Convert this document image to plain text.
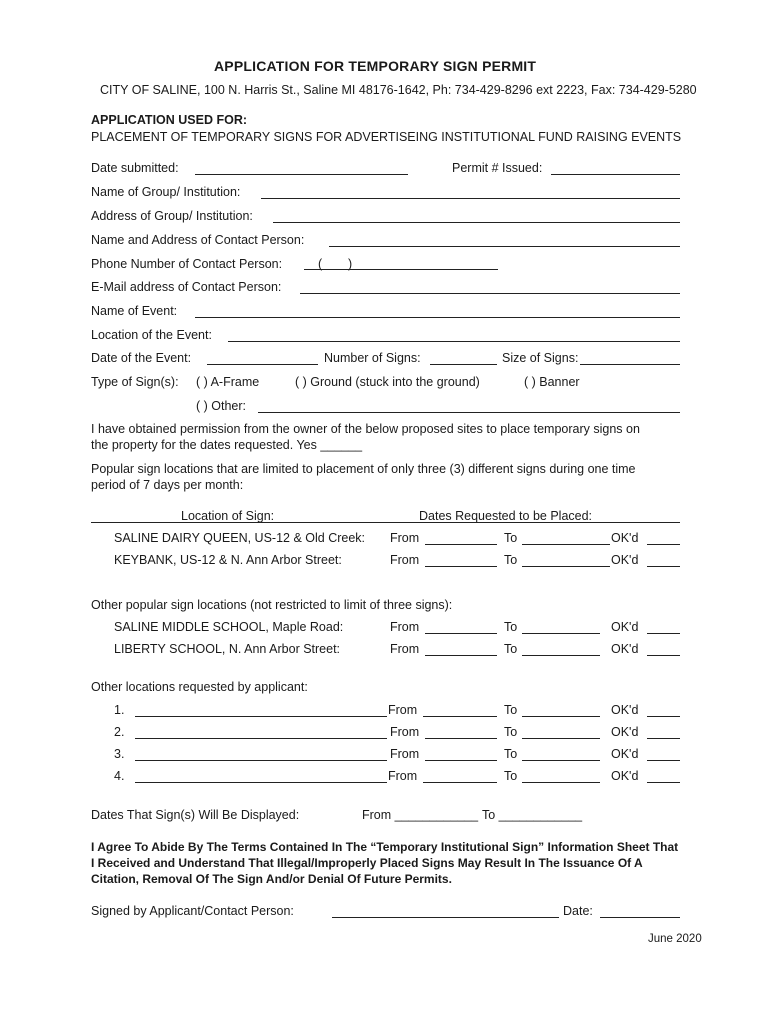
APPLICATION FOR TEMPORARY SIGN PERMIT
CITY OF SALINE, 100 N. Harris St., Saline MI 48176-1642, Ph: 734-429-8296 ext 2223, Fax: 734-429-5280
APPLICATION USED FOR:
PLACEMENT OF TEMPORARY SIGNS FOR ADVERTISEING INSTITUTIONAL FUND RAISING EVENTS
Date submitted:	Permit # Issued:
Name of Group/ Institution:
Address of Group/ Institution:
Name and Address of Contact Person:
Phone Number of Contact Person:	( )
E-Mail address of Contact Person:
Name of Event:
Location of the Event:
Date of the Event:	Number of Signs:	Size of Signs:
Type of Sign(s): ( ) A-Frame	( ) Ground (stuck into the ground)	( ) Banner
( ) Other:
I have obtained permission from the owner of the below proposed sites to place temporary signs on
the property for the dates requested. Yes ______
Popular sign locations that are limited to placement of only three (3) different signs during one time
period of 7 days per month:
Location of Sign:	Dates Requested to be Placed:
SALINE DAIRY QUEEN, US-12 & Old Creek: From	To	OK'd
KEYBANK, US-12 & N. Ann Arbor Street:	From	To	OK'd
Other popular sign locations (not restricted to limit of three signs):
SALINE MIDDLE SCHOOL, Maple Road:	From	To	OK'd
LIBERTY SCHOOL, N. Ann Arbor Street:	From	To	OK'd
Other locations requested by applicant:
1.	From	To	OK'd
2.	From	To	OK'd
3.	From	To	OK'd
4.	From	To	OK'd
Dates That Sign(s) Will Be Displayed:	From ____________ To ____________
I Agree To Abide By The Terms Contained In The “Temporary Institutional Sign” Information Sheet That
I Received and Understand That Illegal/Improperly Placed Signs May Result In The Issuance Of A
Citation, Removal Of The Sign And/or Denial Of Future Permits.
Signed by Applicant/Contact Person:	Date:
June 2020
